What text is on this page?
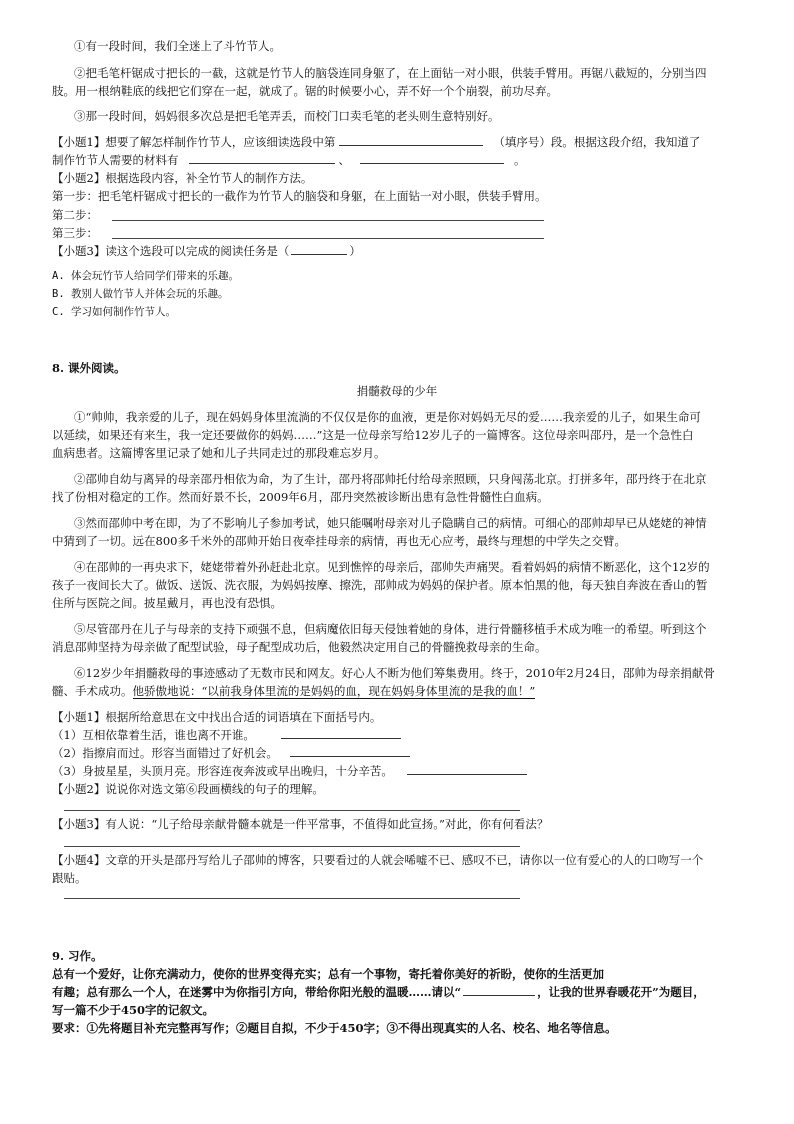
①有一段时间，我们全迷上了斗竹节人。
②把毛笔杆锯成寸把长的一截，这就是竹节人的脑袋连同身躯了，在上面钻一对小眼，供装手臂用。再锯八截短的，分别当四
肢。用一根纳鞋底的线把它们穿在一起，就成了。锯的时候要小心，弄不好一个个崩裂，前功尽弃。
③那一段时间，妈妈很多次总是把毛笔弄丢，而校门口卖毛笔的老头则生意特别好。
【小题1】想要了解怎样制作竹节人，应该细读选段中第	（填序号）段。根据这段介绍，我知道了
制作竹节人需要的材料有	、	。
【小题2】根据选段内容，补全竹节人的制作方法。
第一步：把毛笔杆锯成寸把长的一截作为竹节人的脑袋和身躯，在上面钻一对小眼，供装手臂用。
第二步：
第三步：
【小题3】读这个选段可以完成的阅读任务是（	）
A. 体会玩竹节人给同学们带来的乐趣。
B. 教别人做竹节人并体会玩的乐趣。
C. 学习如何制作竹节人。
8. 课外阅读。
捐髓救母的少年
①“帅帅，我亲爱的儿子，现在妈妈身体里流淌的不仅仅是你的血液，更是你对妈妈无尽的爱……我亲爱的儿子，如果生命可
以延续，如果还有来生，我一定还要做你的妈妈……”这是一位母亲写给12岁儿子的一篇博客。这位母亲叫邵丹，是一个急性白
血病患者。这篇博客里记录了她和儿子共同走过的那段难忘岁月。
②邵帅自幼与离异的母亲邵丹相依为命，为了生计，邵丹将邵帅托付给母亲照顾，只身闯荡北京。打拼多年，邵丹终于在北京
找了份相对稳定的工作。然而好景不长，2009年6月，邵丹突然被诊断出患有急性骨髓性白血病。
③然而邵帅中考在即，为了不影响儿子参加考试，她只能嘱咐母亲对儿子隐瞒自己的病情。可细心的邵帅却早已从姥姥的神情
中猜到了一切。远在800多千米外的邵帅开始日夜牵挂母亲的病情，再也无心应考，最终与理想的中学失之交臂。
④在邵帅的一再央求下，姥姥带着外孙赶赴北京。见到憔悴的母亲后，邵帅失声痛哭。看着妈妈的病情不断恶化，这个12岁的
孩子一夜间长大了。做饭、送饭、洗衣服，为妈妈按摩、擦洗，邵帅成为妈妈的保护者。原本怕黑的他，每天独自奔波在香山的暂
住所与医院之间。披星戴月，再也没有恐惧。
⑤尽管邵丹在儿子与母亲的支持下顽强不息，但病魔依旧每天侵蚀着她的身体，进行骨髓移植手术成为唯一的希望。听到这个
消息邵帅坚持为母亲做了配型试验，母子配型成功后，他毅然决定用自己的骨髓挽救母亲的生命。
⑥12岁少年捐髓救母的事迹感动了无数市民和网友。好心人不断为他们筹集费用。终于，2010年2月24日，邵帅为母亲捐献骨
髓、手术成功。他骄傲地说：“以前我身体里流的是妈妈的血，现在妈妈身体里流的是我的血！”
【小题1】根据所给意思在文中找出合适的词语填在下面括号内。
（1）互相依靠着生活，谁也离不开谁。
（2）指擦肩而过。形容当面错过了好机会。
（3）身披星星，头顶月亮。形容连夜奔波或早出晚归，十分辛苦。
【小题2】说说你对选文第⑥段画横线的句子的理解。
【小题3】有人说：“儿子给母亲献骨髓本就是一件平常事，不值得如此宣扬。”对此，你有何看法？
【小题4】文章的开头是邵丹写给儿子邵帅的博客，只要看过的人就会唏嘘不已、感叹不已，请你以一位有爱心的人的口吻写一个
跟贴。
9. 习作。
总有一个爱好，让你充满动力，使你的世界变得充实；总有一个事物，寄托着你美好的祈盼，使你的生活更加
有趣；总有那么一个人，在迷雾中为你指引方向，带给你阳光般的温暖……请以“	，让我的世界春暖花开”为题目，
写一篇不少于450字的记叙文。
要求：①先将题目补充完整再写作；②题目自拟，不少于450字；③不得出现真实的人名、校名、地名等信息。
